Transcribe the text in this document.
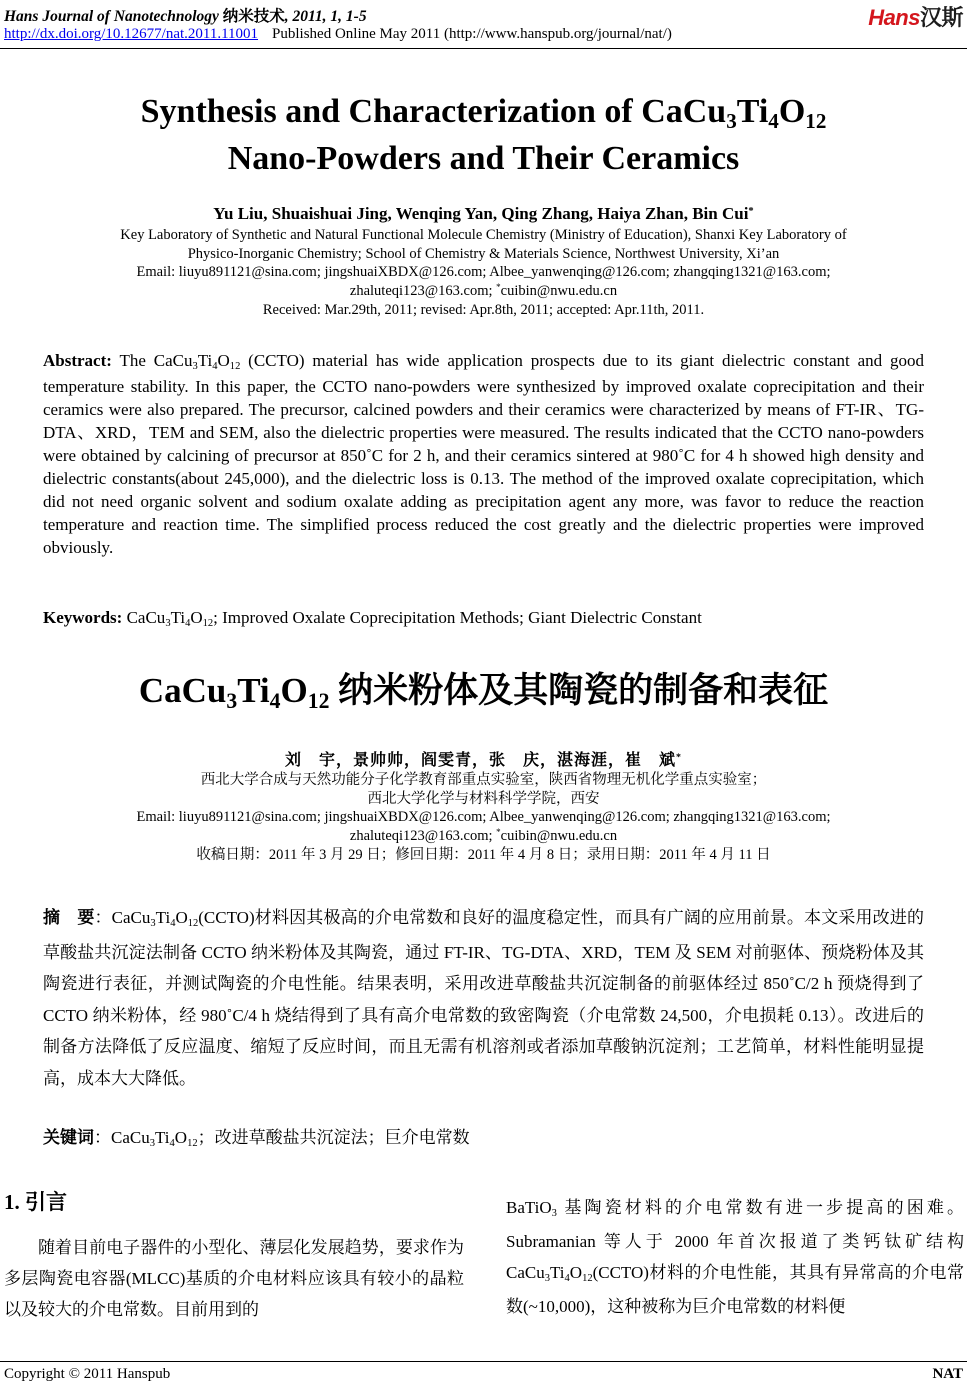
Hans Journal of Nanotechnology 纳米技术, 2011, 1, 1-5
http://dx.doi.org/10.12677/nat.2011.11001 Published Online May 2011 (http://www.hanspub.org/journal/nat/)
Hans汉斯
Synthesis and Characterization of $CaCu_3Ti_4O_{12}$
Nano-Powders and Their Ceramics
Yu Liu, Shuaishuai Jing, Wenqing Yan, Qing Zhang, Haiya Zhan, Bin Cui*
Key Laboratory of Synthetic and Natural Functional Molecule Chemistry (Ministry of Education), Shanxi Key Laboratory of
Physico-Inorganic Chemistry; School of Chemistry & Materials Science, Northwest University, Xi’an
Email: liuyu891121@sina.com; jingshuaiXBDX@126.com; Albee_yanwenqing@126.com; zhangqing1321@163.com;
zhaluteqi123@163.com; *cuibin@nwu.edu.cn
Received: Mar.29th, 2011; revised: Apr.8th, 2011; accepted: Apr.11th, 2011.
Abstract: The $CaCu_3Ti_4O_{12}$ (CCTO) material has wide application prospects due to its giant dielectric constant and good temperature stability. In this paper, the CCTO nano-powders were synthesized by improved oxalate coprecipitation and their ceramics were also prepared. The precursor, calcined powders and their ceramics were characterized by means of FT-IR、TG-DTA、XRD，TEM and SEM, also the dielectric properties were measured. The results indicated that the CCTO nano-powders were obtained by calcining of precursor at 850˚C for 2 h, and their ceramics sintered at 980˚C for 4 h showed high density and dielectric constants(about 245,000), and the dielectric loss is 0.13. The method of the improved oxalate coprecipitation, which did not need organic solvent and sodium oxalate adding as precipitation agent any more, was favor to reduce the reaction temperature and reaction time. The simplified process reduced the cost greatly and the dielectric properties were improved obviously.
Keywords: $CaCu_3Ti_4O_{12}$; Improved Oxalate Coprecipitation Methods; Giant Dielectric Constant
$CaCu_3Ti_4O_{12}$ 纳米粉体及其陶瓷的制备和表征
刘　宇，景帅帅，阎雯青，张　庆，湛海涯，崔　斌*
西北大学合成与天然功能分子化学教育部重点实验室，陕西省物理无机化学重点实验室；
西北大学化学与材料科学学院，西安
Email: liuyu891121@sina.com; jingshuaiXBDX@126.com; Albee_yanwenqing@126.com; zhangqing1321@163.com;
zhaluteqi123@163.com; *cuibin@nwu.edu.cn
收稿日期：2011 年 3 月 29 日；修回日期：2011 年 4 月 8 日；录用日期：2011 年 4 月 11 日
摘　要：$CaCu_3Ti_4O_{12}(CCTO)$材料因其极高的介电常数和良好的温度稳定性，而具有广阔的应用前景。本文采用改进的草酸盐共沉淀法制备 CCTO 纳米粉体及其陶瓷，通过 FT-IR、TG-DTA、XRD，TEM 及 SEM 对前驱体、预烧粉体及其陶瓷进行表征，并测试陶瓷的介电性能。结果表明，采用改进草酸盐共沉淀制备的前驱体经过 850˚C/2 h 预烧得到了 CCTO 纳米粉体，经 980˚C/4 h 烧结得到了具有高介电常数的致密陶瓷（介电常数 24,500，介电损耗 0.13）。改进后的制备方法降低了反应温度、缩短了反应时间，而且无需有机溶剂或者添加草酸钠沉淀剂；工艺简单，材料性能明显提高，成本大大降低。
关键词：$CaCu_3Ti_4O_{12}$；改进草酸盐共沉淀法；巨介电常数
1. 引言

随着目前电子器件的小型化、薄层化发展趋势，要求作为多层陶瓷电容器(MLCC)基质的介电材料应该具有较小的晶粒以及较大的介电常数。目前用到的

BaTiO$_3$ 基陶瓷材料的介电常数有进一步提高的困难。Subramanian 等人于 2000 年首次报道了类钙钛矿结构 $CaCu_3Ti_4O_{12}(CCTO)$材料的介电性能，其具有异常高的介电常数(~10,000)，这种被称为巨介电常数的材料便

Copyright © 2011 Hanspub	NAT
